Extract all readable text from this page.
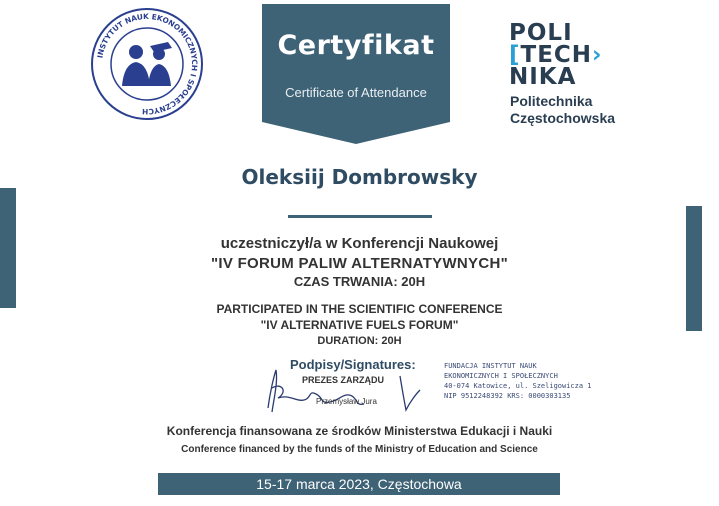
INSTYTUT NAUK EKONOMICZNYCH I SPOŁECZNYCH
Certyfikat
Certificate of Attendance
POLI
[TECH›
NIKA
Politechnika
Częstochowska
Oleksiij Dombrowsky
uczestniczył/a w Konferencji Naukowej
"IV FORUM PALIW ALTERNATYWNYCH"
CZAS TRWANIA: 20H
PARTICIPATED IN THE SCIENTIFIC CONFERENCE
"IV ALTERNATIVE FUELS FORUM"
DURATION: 20H
Podpisy/Signatures:
PREZES ZARZĄDU
Przemysław Jura
FUNDACJA INSTYTUT NAUK
EKONOMICZNYCH I SPOŁECZNYCH
40-074 Katowice, ul. Szeligowicza 1
NIP 9512248392 KRS: 0000303135
Konferencja finansowana ze środków Ministerstwa Edukacji i Nauki
Conference financed by the funds of the Ministry of Education and Science
15-17 marca 2023, Częstochowa
